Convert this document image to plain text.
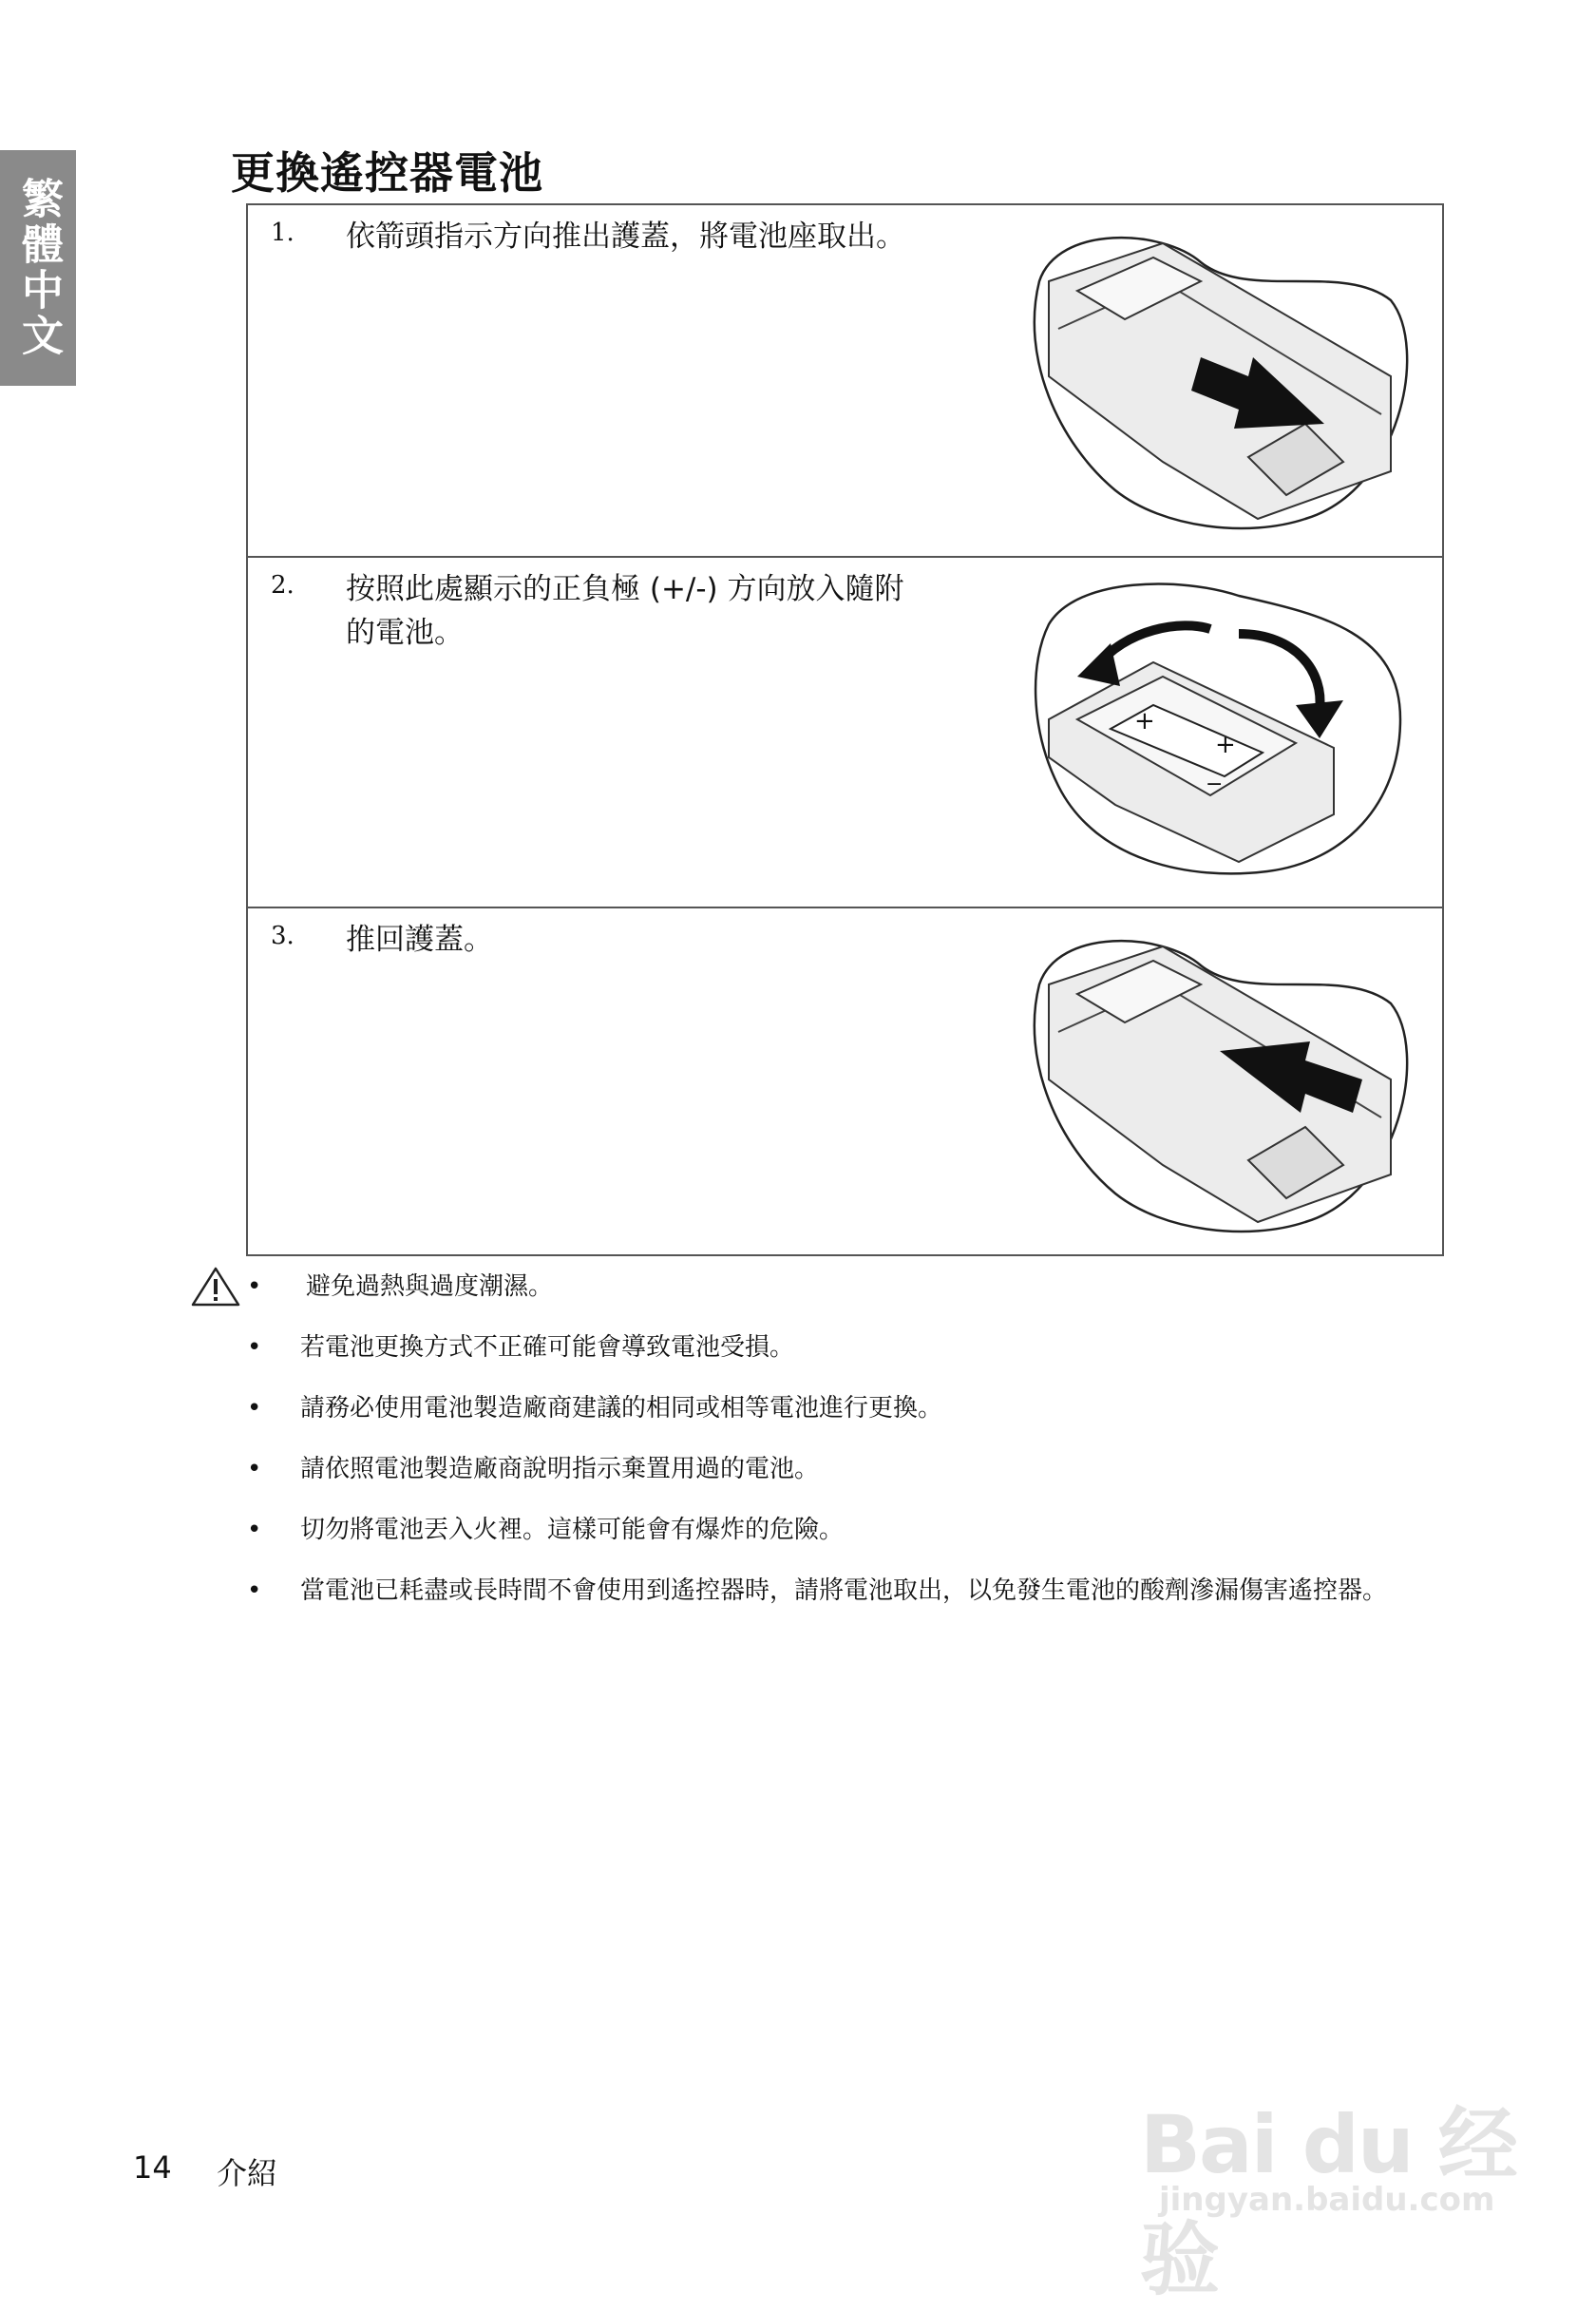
繁體中文
更換遙控器電池
1. 依箭頭指示方向推出護蓋，將電池座取出。
2. 按照此處顯示的正負極 (+/-) 方向放入隨附的電池。
+
+
−
3. 推回護蓋。
• 避免過熱與過度潮濕。
• 若電池更換方式不正確可能會導致電池受損。
• 請務必使用電池製造廠商建議的相同或相等電池進行更換。
• 請依照電池製造廠商說明指示棄置用過的電池。
• 切勿將電池丟入火裡。這樣可能會有爆炸的危險。
• 當電池已耗盡或長時間不會使用到遙控器時，請將電池取出，以免發生電池的酸劑滲漏傷害遙控器。
14 介紹	Bai du 经验
jingyan.baidu.com
